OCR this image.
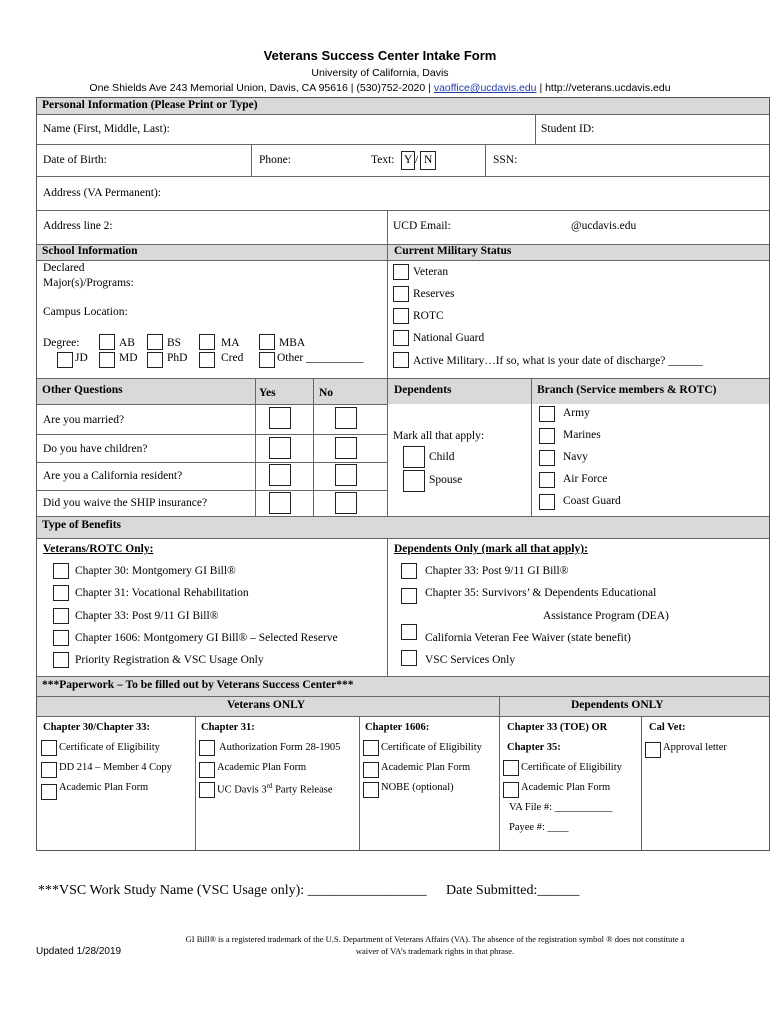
Veterans Success Center Intake Form
University of California, Davis
One Shields Ave 243 Memorial Union, Davis, CA 95616 | (530)752-2020 | vaoffice@ucdavis.edu | http://veterans.ucdavis.edu
Personal Information (Please Print or Type)
Name (First, Middle, Last):	Student ID:
Date of Birth:	Phone:	Text: Y / N	SSN:
Address (VA Permanent):
Address line 2:	UCD Email:	@ucdavis.edu
School Information
Declared
Major(s)/Programs:
Campus Location:
Degree:	AB	BS	MA	MBA
JD	MD	PhD	Cred	Other __________
Current Military Status
Veteran
Reserves
ROTC
National Guard
Active Military…If so, what is your date of discharge? ______
Other Questions	Yes	No
Are you married?
Do you have children?
Are you a California resident?
Did you waive the SHIP insurance?
Dependents
Mark all that apply:
Child
Spouse
Branch (Service members & ROTC)
Army
Marines
Navy
Air Force
Coast Guard
Type of Benefits
Veterans/ROTC Only:
Chapter 30: Montgomery GI Bill®
Chapter 31: Vocational Rehabilitation
Chapter 33: Post 9/11 GI Bill®
Chapter 1606: Montgomery GI Bill® – Selected Reserve
Priority Registration & VSC Usage Only
Dependents Only (mark all that apply):
Chapter 33: Post 9/11 GI Bill®
Chapter 35: Survivors’ & Dependents Educational
Assistance Program (DEA)
California Veteran Fee Waiver (state benefit)
VSC Services Only
***Paperwork – To be filled out by Veterans Success Center***
Veterans ONLY	Dependents ONLY
Chapter 30/Chapter 33:
Certificate of Eligibility
DD 214 – Member 4 Copy
Academic Plan Form
Chapter 31:
Authorization Form 28-1905
Academic Plan Form
UC Davis 3rd Party Release
Chapter 1606:
Certificate of Eligibility
Academic Plan Form
NOBE (optional)
Chapter 33 (TOE) OR
Chapter 35:
Certificate of Eligibility
Academic Plan Form
VA File #: ___________
Payee #: ____
Cal Vet:
Approval letter
***VSC Work Study Name (VSC Usage only): _________________ Date Submitted:______
Updated 1/28/2019
GI Bill® is a registered trademark of the U.S. Department of Veterans Affairs (VA). The absence of the registration symbol ® does not constitute a
waiver of VA’s trademark rights in that phrase.
